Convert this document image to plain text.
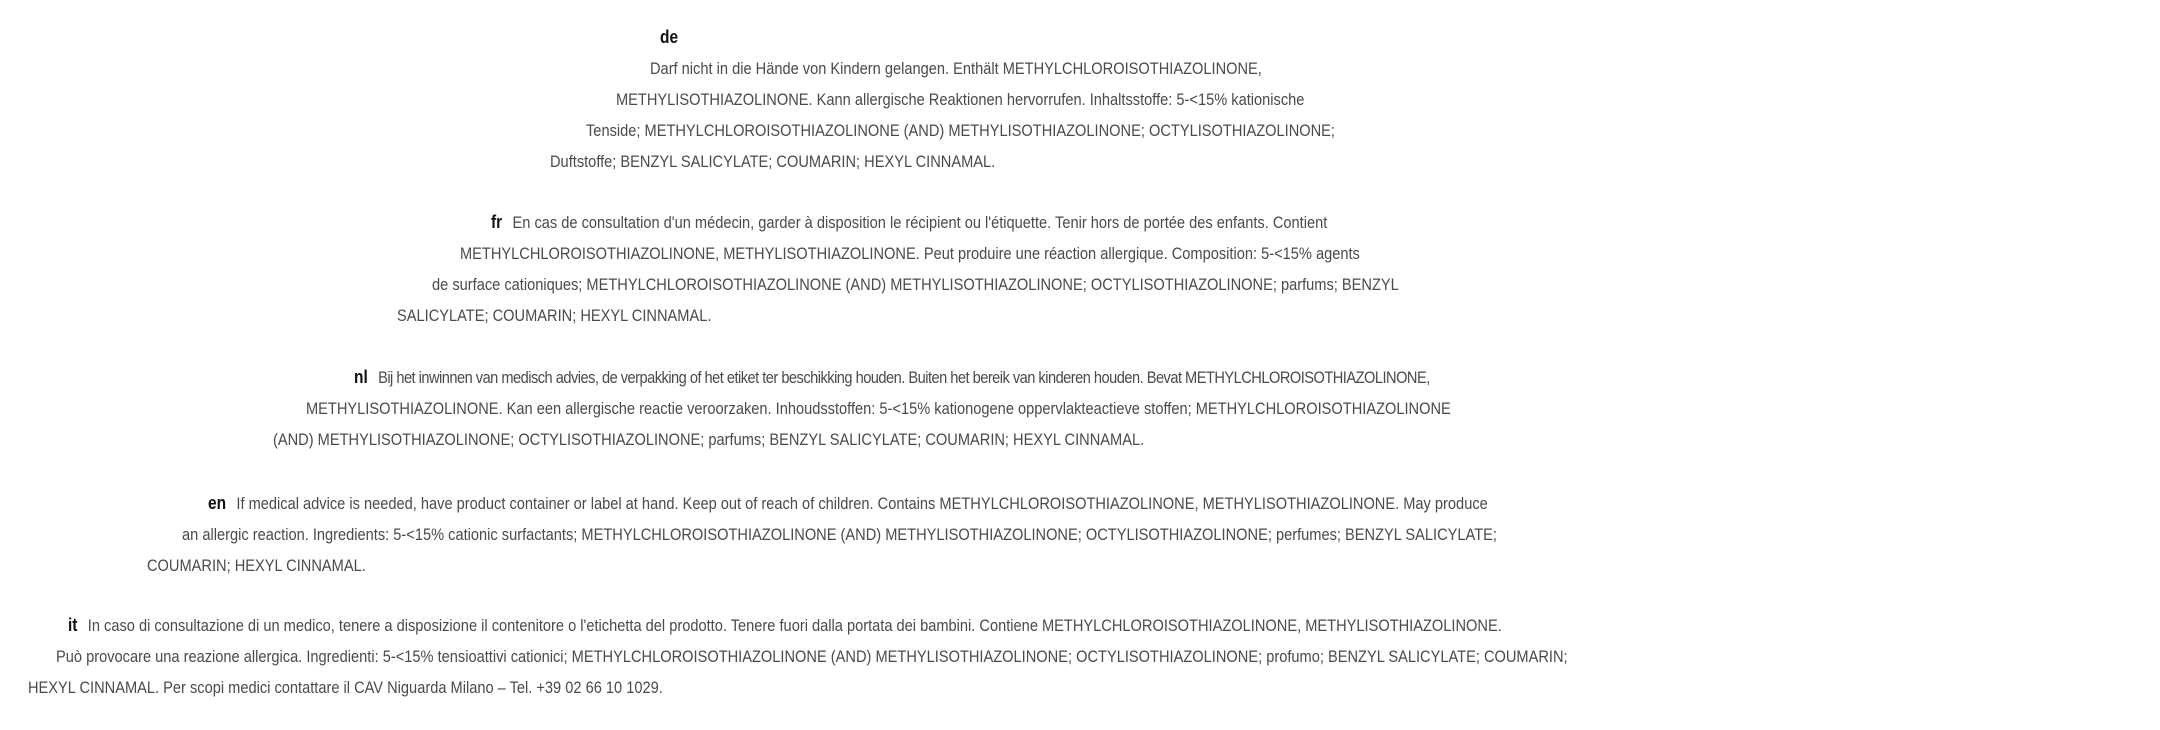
de
Darf nicht in die Hände von Kindern gelangen. Enthält METHYLCHLOROISOTHIAZOLINONE,
METHYLISOTHIAZOLINONE. Kann allergische Reaktionen hervorrufen. Inhaltsstoffe: 5-<15% kationische
Tenside; METHYLCHLOROISOTHIAZOLINONE (AND) METHYLISOTHIAZOLINONE; OCTYLISOTHIAZOLINONE;
Duftstoffe; BENZYL SALICYLATE; COUMARIN; HEXYL CINNAMAL.
fr En cas de consultation d'un médecin, garder à disposition le récipient ou l'étiquette. Tenir hors de portée des enfants. Contient
METHYLCHLOROISOTHIAZOLINONE, METHYLISOTHIAZOLINONE. Peut produire une réaction allergique. Composition: 5-<15% agents
de surface cationiques; METHYLCHLOROISOTHIAZOLINONE (AND) METHYLISOTHIAZOLINONE; OCTYLISOTHIAZOLINONE; parfums; BENZYL
SALICYLATE; COUMARIN; HEXYL CINNAMAL.
nl Bij het inwinnen van medisch advies, de verpakking of het etiket ter beschikking houden. Buiten het bereik van kinderen houden. Bevat METHYLCHLOROISOTHIAZOLINONE,
METHYLISOTHIAZOLINONE. Kan een allergische reactie veroorzaken. Inhoudsstoffen: 5-<15% kationogene oppervlakteactieve stoffen; METHYLCHLOROISOTHIAZOLINONE
(AND) METHYLISOTHIAZOLINONE; OCTYLISOTHIAZOLINONE; parfums; BENZYL SALICYLATE; COUMARIN; HEXYL CINNAMAL.
en If medical advice is needed, have product container or label at hand. Keep out of reach of children. Contains METHYLCHLOROISOTHIAZOLINONE, METHYLISOTHIAZOLINONE. May produce
an allergic reaction. Ingredients: 5-<15% cationic surfactants; METHYLCHLOROISOTHIAZOLINONE (AND) METHYLISOTHIAZOLINONE; OCTYLISOTHIAZOLINONE; perfumes; BENZYL SALICYLATE;
COUMARIN; HEXYL CINNAMAL.
it In caso di consultazione di un medico, tenere a disposizione il contenitore o l'etichetta del prodotto. Tenere fuori dalla portata dei bambini. Contiene METHYLCHLOROISOTHIAZOLINONE, METHYLISOTHIAZOLINONE.
Può provocare una reazione allergica. Ingredienti: 5-<15% tensioattivi cationici; METHYLCHLOROISOTHIAZOLINONE (AND) METHYLISOTHIAZOLINONE; OCTYLISOTHIAZOLINONE; profumo; BENZYL SALICYLATE; COUMARIN;
HEXYL CINNAMAL. Per scopi medici contattare il CAV Niguarda Milano – Tel. +39 02 66 10 1029.
